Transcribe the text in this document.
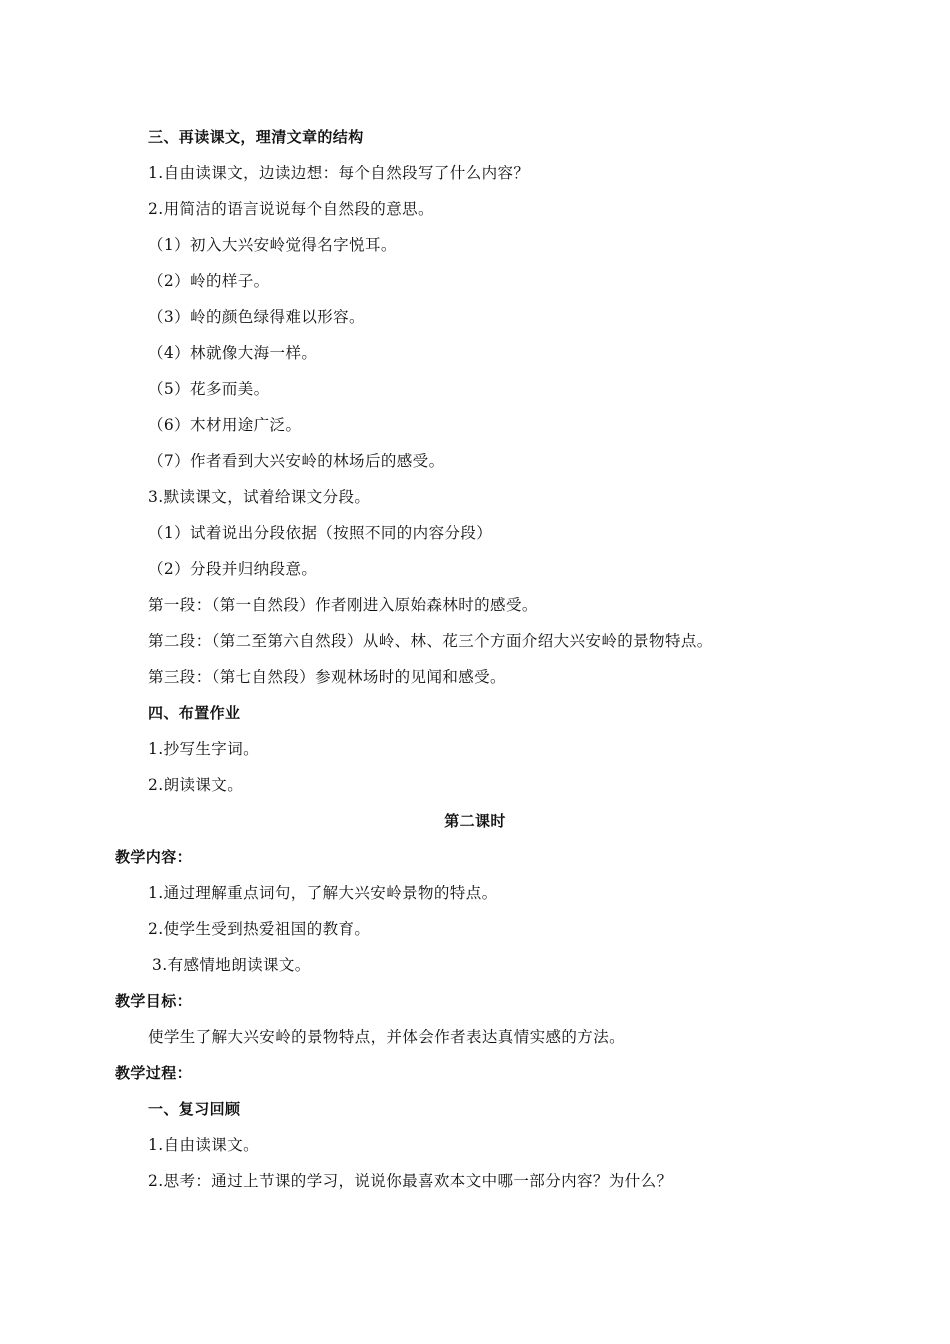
三、再读课文，理清文章的结构
1.自由读课文，边读边想：每个自然段写了什么内容？
2.用简洁的语言说说每个自然段的意思。
（1）初入大兴安岭觉得名字悦耳。
（2）岭的样子。
（3）岭的颜色绿得难以形容。
（4）林就像大海一样。
（5）花多而美。
（6）木材用途广泛。
（7）作者看到大兴安岭的林场后的感受。
3.默读课文，试着给课文分段。
（1）试着说出分段依据（按照不同的内容分段）
（2）分段并归纳段意。
第一段：（第一自然段）作者刚进入原始森林时的感受。
第二段：（第二至第六自然段）从岭、林、花三个方面介绍大兴安岭的景物特点。
第三段：（第七自然段）参观林场时的见闻和感受。
四、布置作业
1.抄写生字词。
2.朗读课文。
第二课时
教学内容：
1.通过理解重点词句，了解大兴安岭景物的特点。
2.使学生受到热爱祖国的教育。
3.有感情地朗读课文。
教学目标：
使学生了解大兴安岭的景物特点，并体会作者表达真情实感的方法。
教学过程：
一、复习回顾
1.自由读课文。
2.思考：通过上节课的学习，说说你最喜欢本文中哪一部分内容？为什么？
